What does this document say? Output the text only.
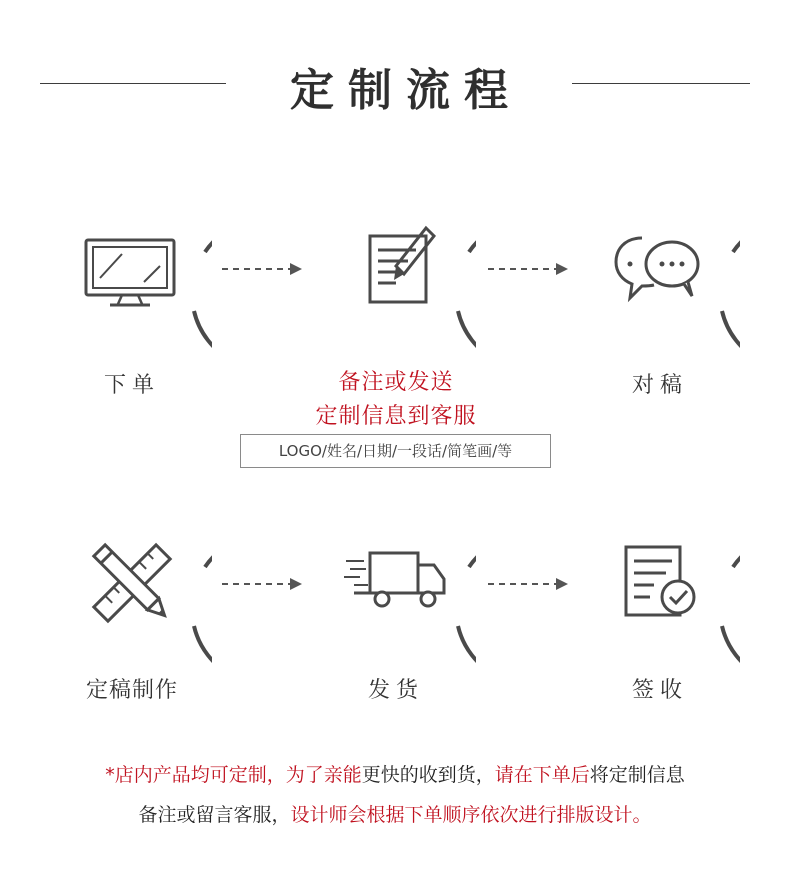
定制流程
下单	备注或发送
定制信息到客服
对稿
LOGO/姓名/日期/一段话/简笔画/等
定稿制作	发货	签收
*店内产品均可定制，为了亲能更快的收到货，请在下单后将定制信息
备注或留言客服，设计师会根据下单顺序依次进行排版设计。
